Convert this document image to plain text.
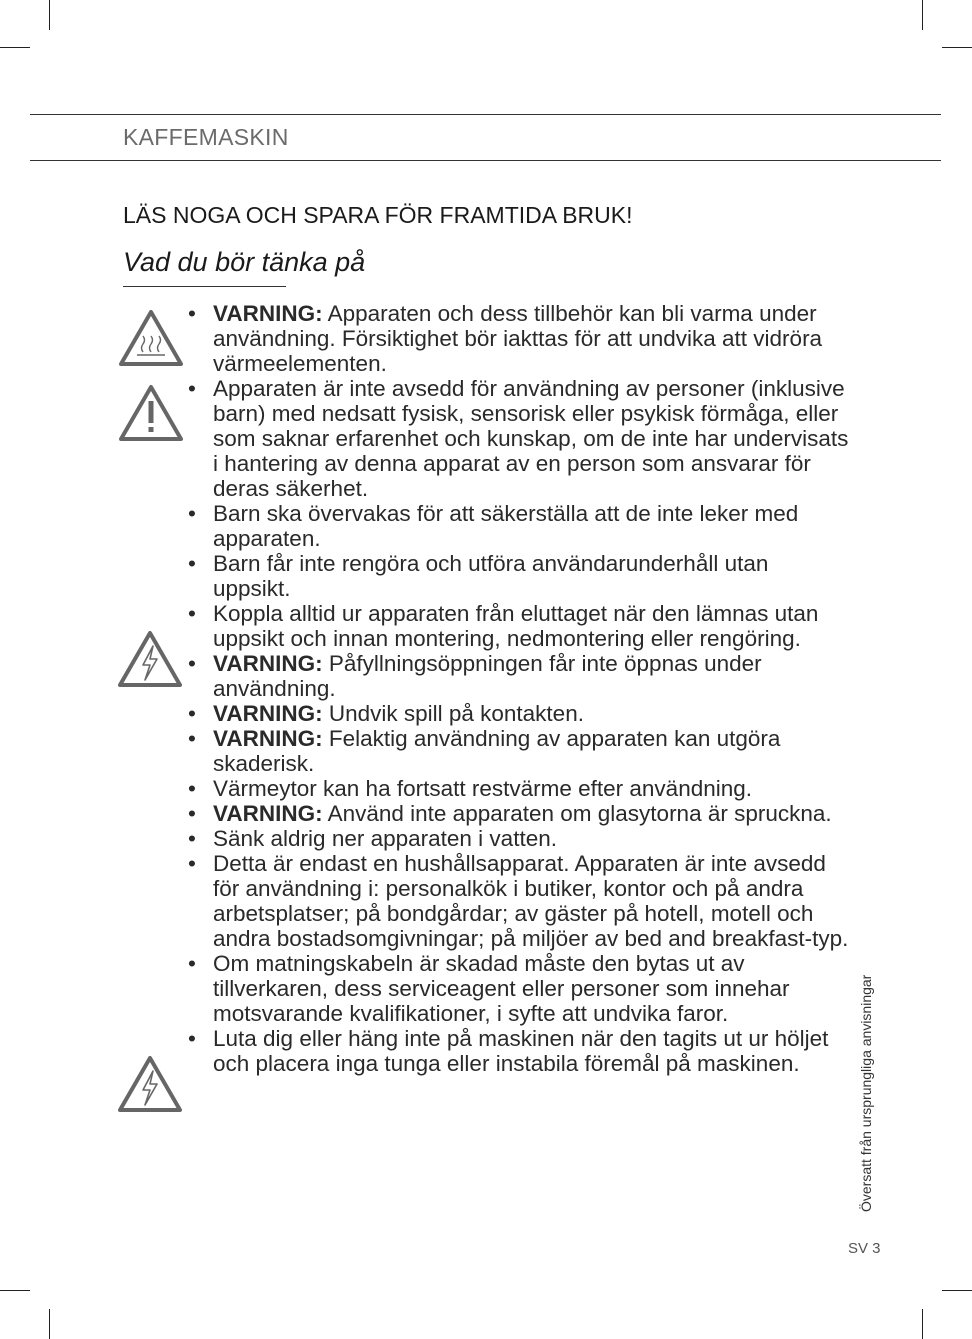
KAFFEMASKIN
LÄS NOGA OCH SPARA FÖR FRAMTIDA BRUK!
Vad du bör tänka på
• VARNING: Apparaten och dess tillbehör kan bli varma under användning. Försiktighet bör iakttas för att undvika att vidröra värmeelementen.
• Apparaten är inte avsedd för användning av personer (inklusive barn) med nedsatt fysisk, sensorisk eller psykisk förmåga, eller som saknar erfarenhet och kunskap, om de inte har undervisats i hantering av denna apparat av en person som ansvarar för deras säkerhet.
• Barn ska övervakas för att säkerställa att de inte leker med apparaten.
• Barn får inte rengöra och utföra användarunderhåll utan uppsikt.
• Koppla alltid ur apparaten från eluttaget när den lämnas utan uppsikt och innan montering, nedmontering eller rengöring.
• VARNING: Påfyllningsöppningen får inte öppnas under användning.
• VARNING: Undvik spill på kontakten.
• VARNING: Felaktig användning av apparaten kan utgöra skaderisk.
• Värmeytor kan ha fortsatt restvärme efter användning.
• VARNING: Använd inte apparaten om glasytorna är spruckna.
• Sänk aldrig ner apparaten i vatten.
• Detta är endast en hushållsapparat. Apparaten är inte avsedd för användning i: personalkök i butiker, kontor och på andra arbetsplatser; på bondgårdar; av gäster på hotell, motell och andra bostadsomgivningar; på miljöer av bed and breakfast-typ.
• Om matningskabeln är skadad måste den bytas ut av tillverkaren, dess serviceagent eller personer som innehar motsvarande kvalifikationer, i syfte att undvika faror.
• Luta dig eller häng inte på maskinen när den tagits ut ur höljet och placera inga tunga eller instabila föremål på maskinen.	Översatt från ursprungliga anvisningar
SV 3
